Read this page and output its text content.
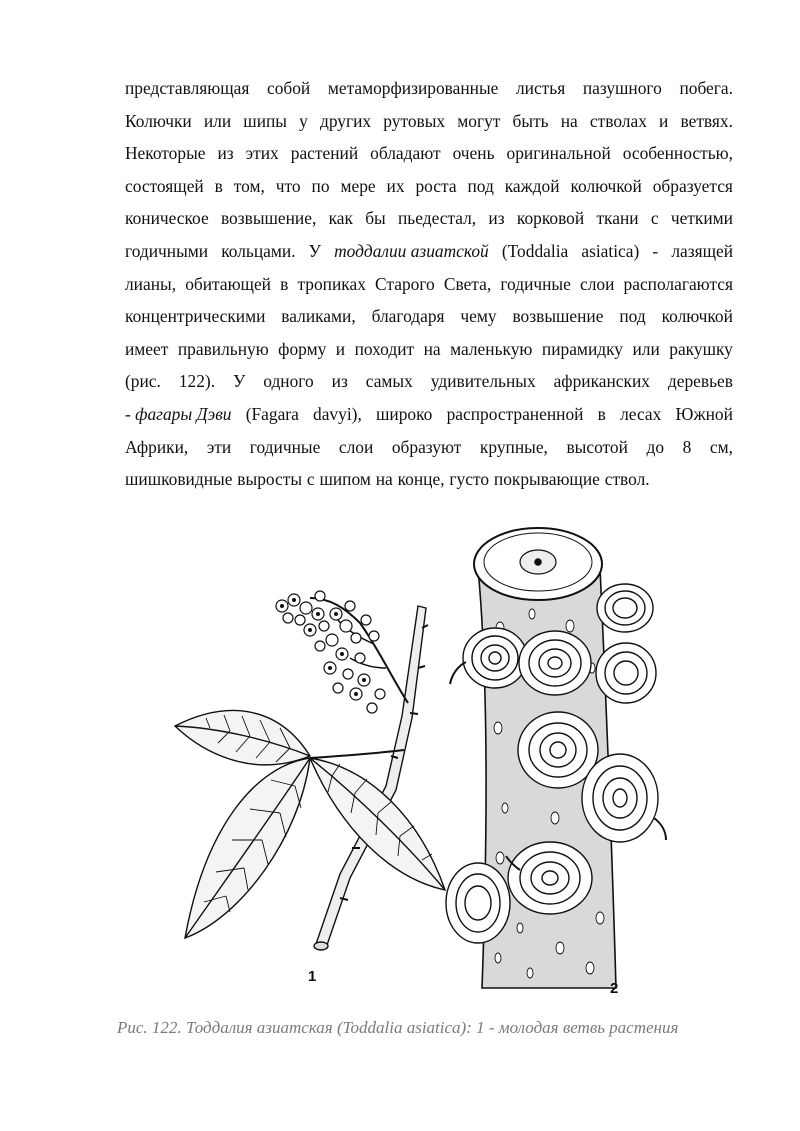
представляющая собой метаморфизированные листья пазушного побега.
Колючки или шипы у других рутовых могут быть на стволах и ветвях.
Некоторые из этих растений обладают очень оригинальной особенностью,
состоящей в том, что по мере их роста под каждой колючкой образуется
коническое возвышение, как бы пьедестал, из корковой ткани с четкими
годичными кольцами. У тоддалии азиатской (Toddalia asiatica) - лазящей
лианы, обитающей в тропиках Старого Света, годичные слои располагаются
концентрическими валиками, благодаря чему возвышение под колючкой
имеет правильную форму и походит на маленькую пирамидку или ракушку
(рис. 122). У одного из самых удивительных африканских деревьев
- фагары Дэви (Fagara davyi), широко распространенной в лесах Южной
Африки, эти годичные слои образуют крупные, высотой до 8 см,
шишковидные выросты с шипом на конце, густо покрывающие ствол.
1
2
Рис. 122. Тоддалия азиатская (Toddalia asiatica): 1 - молодая ветвь растения
